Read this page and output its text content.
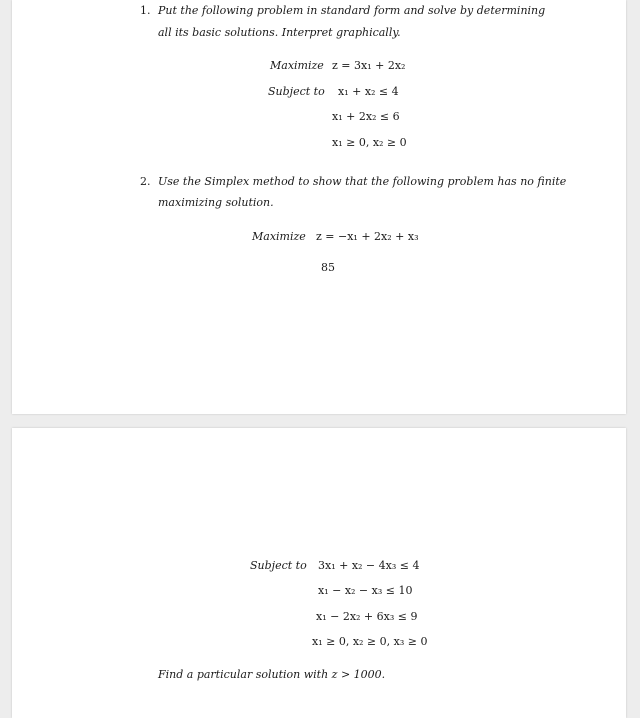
1. Put the following problem in standard form and solve by determining
all its basic solutions. Interpret graphically.
Maximize z = 3x₁ + 2x₂
Subject to x₁ + x₂ ≤ 4
x₁ + 2x₂ ≤ 6
x₁ ≥ 0, x₂ ≥ 0
2. Use the Simplex method to show that the following problem has no finite
maximizing solution.
Maximize z = −x₁ + 2x₂ + x₃
85
Subject to 3x₁ + x₂ − 4x₃ ≤ 4
x₁ − x₂ − x₃ ≤ 10
x₁ − 2x₂ + 6x₃ ≤ 9
x₁ ≥ 0, x₂ ≥ 0, x₃ ≥ 0
Find a particular solution with z > 1000.
